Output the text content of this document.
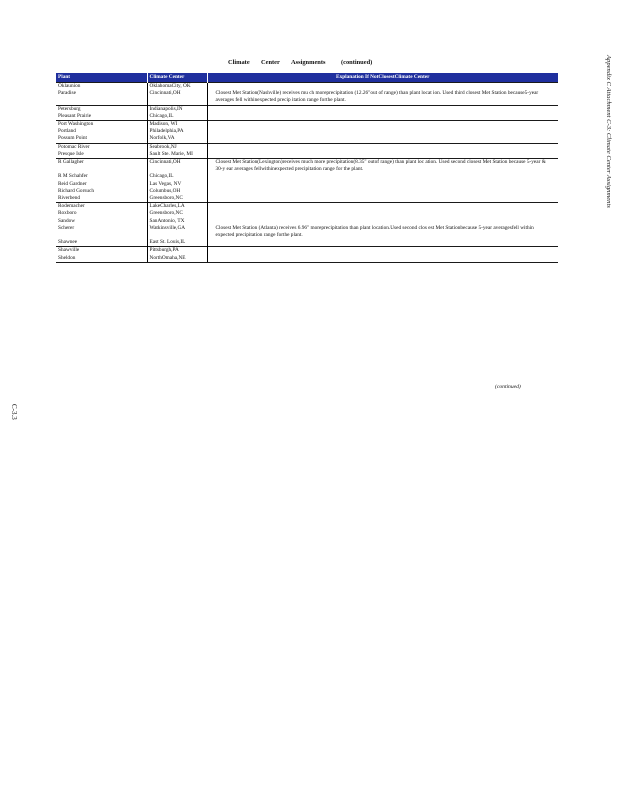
Climate Center Assignments (continued)
Plant	Climate Center	Explanation If NotClosestClimate Center
Oklaunion	OklahomaCity, OK	
Paradise	Cincinnati,OH	Closest Met Station(Nashville) receives mu ch moreprecipitation (12.26"out of range) than plant locat ion. Used third closest Met Station because5-year averages fell withinexpected precip itation range forthe plant.
Petersburg	Indianapolis,IN	
Pleasant Prairie	Chicago,IL	
Port Washington	Madison, WI	
Portland	Philadelphia,PA	
Possum Point	Norfolk,VA	
Potomac River	Seabrook,NJ	
Presque Isle	Sault Ste. Marie, MI	
R Gallagher	Cincinnati,OH	Closest Met Station(Lexington)receives much more precipitation(8.35" outof range) than plant loc ation. Used second closest Met Station because 5-year & 30-y ear averages fellwithinexpected precipitation range for the plant.
R M Schahfer	Chicago,IL	
Reid Gardner	Las Vegas, NV	
Richard Gorsuch	Columbus,OH	
Riverbend	Greensboro,NC	
Rodemacher	LakeCharles,LA	
Roxboro	Greensboro,NC	
Sandow	SanAntonio, TX	
Scherer	Watkinsville,GA	Closest Met Station (Atlanta) receives 6.96" moreprecipitation than plant location.Used second clos est Met Stationbecause 5-year averagesfell within expected precipitation range forthe plant.
Shawnee	East St. Louis,IL	
Shawville	Pittsburgh,PA	
Sheldon	NorthOmaha,NE	
(continued)
C-3.3
Appendix C Attachment C-3: Climate Center Assignments
